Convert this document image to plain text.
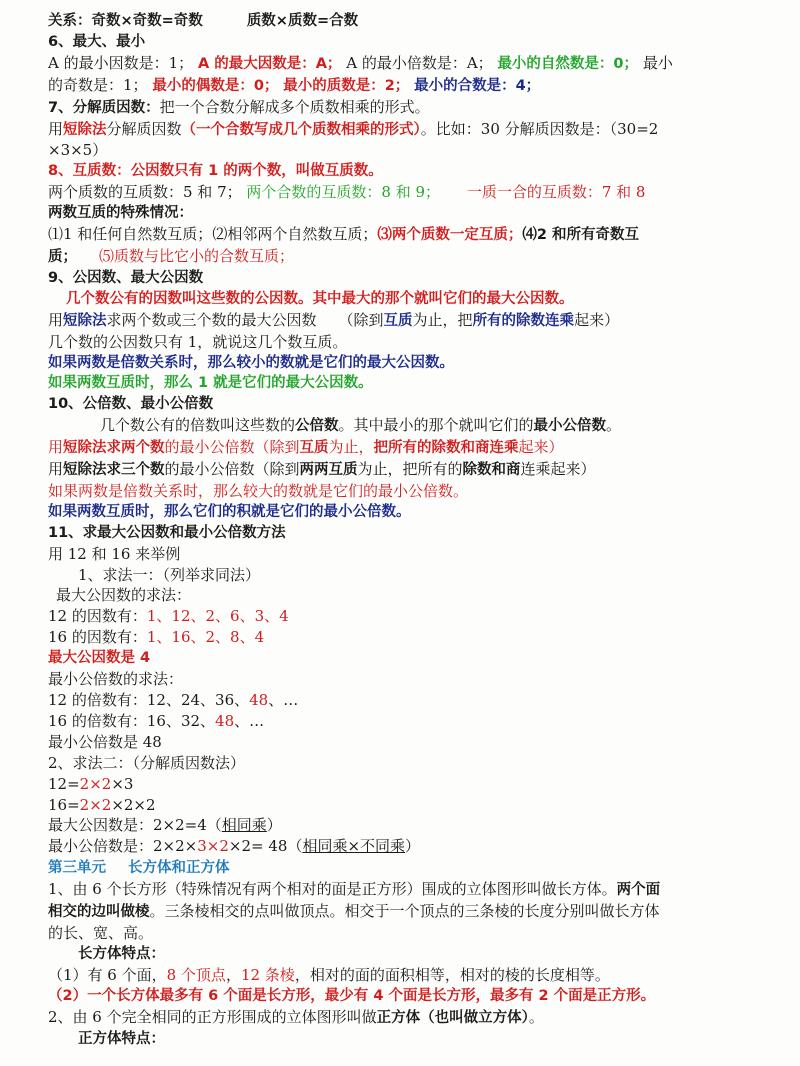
关系：奇数×奇数=奇数	质数×质数=合数
6、最大、最小
A 的最小因数是：1； A 的最大因数是：A； A 的最小倍数是：A； 最小的自然数是：0； 最小
的奇数是：1； 最小的偶数是：0； 最小的质数是：2； 最小的合数是：4；
7、分解质因数：把一个合数分解成多个质数相乘的形式。
用短除法分解质因数（一个合数写成几个质数相乘的形式）。比如：30 分解质因数是：（30=2
×3×5）
8、互质数：公因数只有 1 的两个数，叫做互质数。
两个质数的互质数：5 和 7； 两个合数的互质数：8 和 9； 一质一合的互质数：7 和 8
两数互质的特殊情况：
⑴1 和任何自然数互质；⑵相邻两个自然数互质；⑶两个质数一定互质；⑷2 和所有奇数互
质； ⑸质数与比它小的合数互质；
9、公因数、最大公因数
几个数公有的因数叫这些数的公因数。其中最大的那个就叫它们的最大公因数。
用短除法求两个数或三个数的最大公因数 （除到互质为止，把所有的除数连乘起来）
几个数的公因数只有 1，就说这几个数互质。
如果两数是倍数关系时，那么较小的数就是它们的最大公因数。
如果两数互质时，那么 1 就是它们的最大公因数。
10、公倍数、最小公倍数
几个数公有的倍数叫这些数的公倍数。其中最小的那个就叫它们的最小公倍数。
用短除法求两个数的最小公倍数（除到互质为止，把所有的除数和商连乘起来）
用短除法求三个数的最小公倍数（除到两两互质为止，把所有的除数和商连乘起来）
如果两数是倍数关系时，那么较大的数就是它们的最小公倍数。
如果两数互质时，那么它们的积就是它们的最小公倍数。
11、求最大公因数和最小公倍数方法
用 12 和 16 来举例
1、求法一：（列举求同法）
最大公因数的求法：
12 的因数有：1、12、2、6、3、4
16 的因数有：1、16、2、8、4
最大公因数是 4
最小公倍数的求法：
12 的倍数有：12、24、36、48、…
16 的倍数有：16、32、48、…
最小公倍数是 48
2、求法二：（分解质因数法）
12=2×2×3
16=2×2×2×2
最大公因数是：2×2=4（相同乘）
最小公倍数是：2×2×3×2×2= 48（相同乘×不同乘）
第三单元 长方体和正方体
1、由 6 个长方形（特殊情况有两个相对的面是正方形）围成的立体图形叫做长方体。两个面
相交的边叫做棱。三条棱相交的点叫做顶点。相交于一个顶点的三条棱的长度分别叫做长方体
的长、宽、高。
长方体特点：
（1）有 6 个面，8 个顶点，12 条棱，相对的面的面积相等，相对的棱的长度相等。
（2）一个长方体最多有 6 个面是长方形，最少有 4 个面是长方形，最多有 2 个面是正方形。
2、由 6 个完全相同的正方形围成的立体图形叫做正方体（也叫做立方体）。
正方体特点：
